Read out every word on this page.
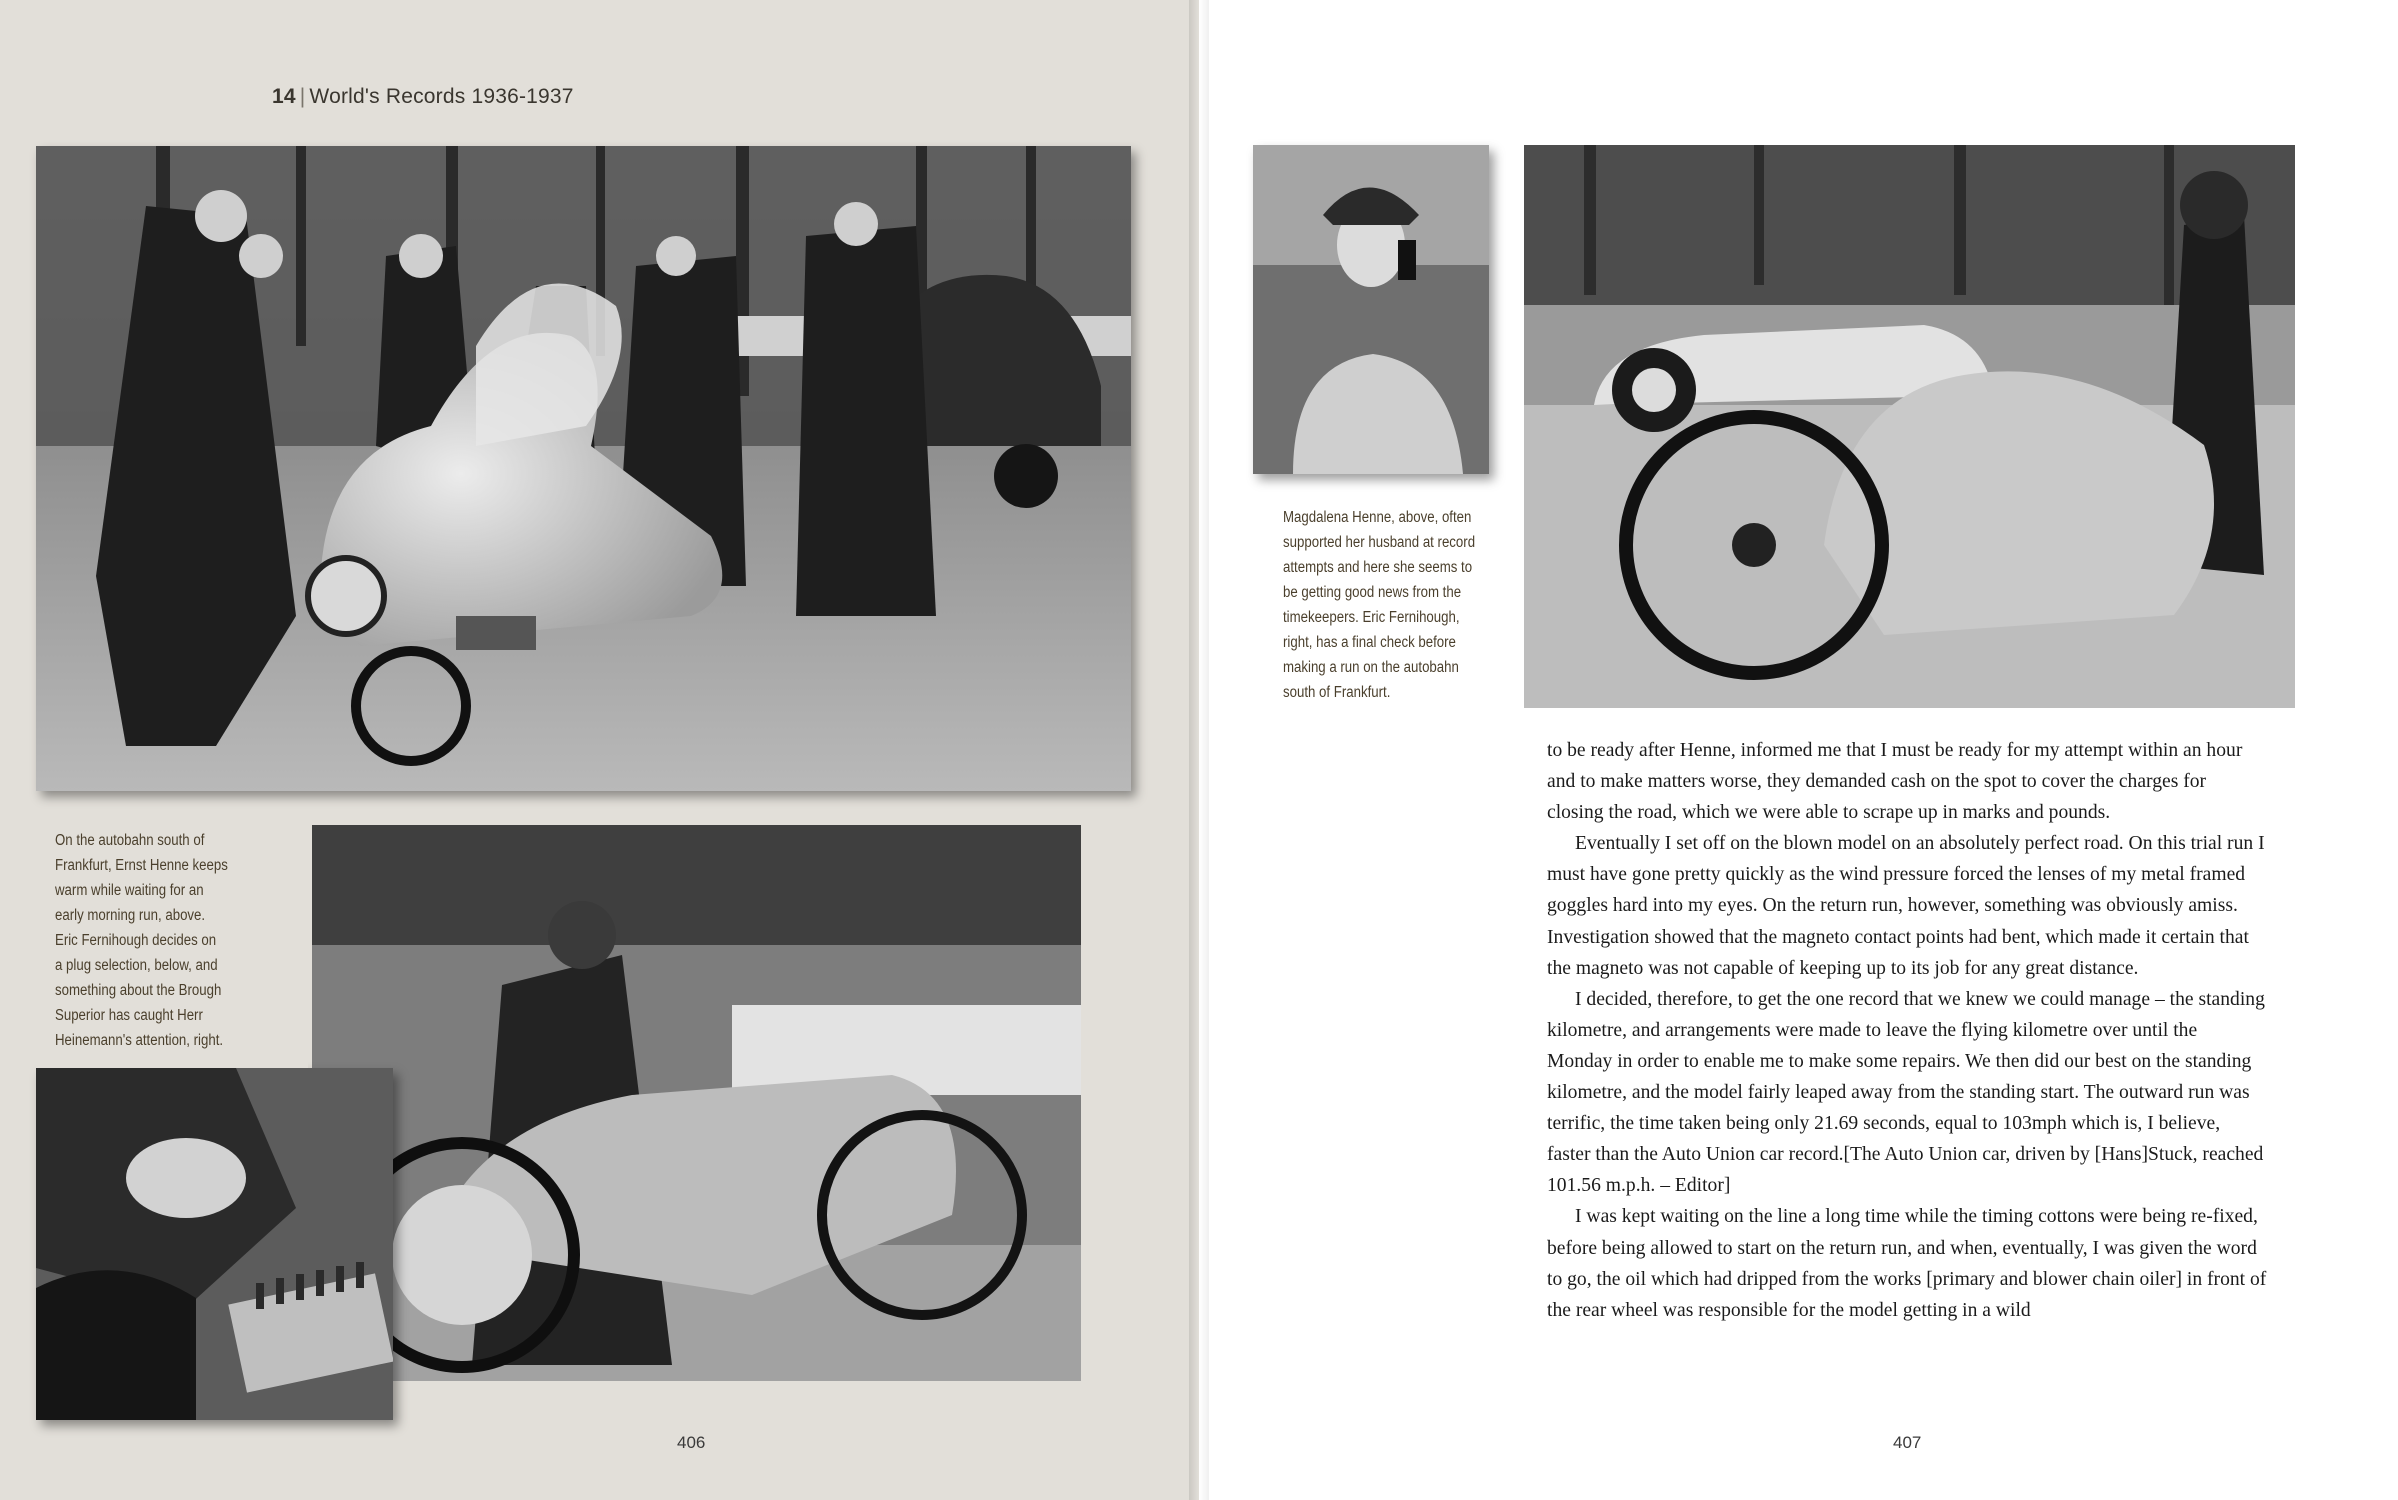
14 | World's Records 1936-1937
Magdalena Henne, above, often
supported her husband at record
attempts and here she seems to
be getting good news from the
timekeepers. Eric Fernihough,
right, has a final check before
making a run on the autobahn
south of Frankfurt.
On the autobahn south of
Frankfurt, Ernst Henne keeps
warm while waiting for an
early morning run, above.
Eric Fernihough decides on
a plug selection, below, and
something about the Brough
Superior has caught Herr
Heinemann's attention, right.

to be ready after Henne, informed me that I must be ready for my attempt within an hour and to make matters worse, they demanded cash on the spot to cover the charges for closing the road, which we were able to scrape up in marks and pounds.

Eventually I set off on the blown model on an absolutely perfect road. On this trial run I must have gone pretty quickly as the wind pressure forced the lenses of my metal framed goggles hard into my eyes. On the return run, however, something was obviously amiss. Investigation showed that the magneto contact points had bent, which made it certain that the magneto was not capable of keeping up to its job for any great distance.

I decided, therefore, to get the one record that we knew we could manage – the standing kilometre, and arrangements were made to leave the flying kilometre over until the Monday in order to enable me to make some repairs. We then did our best on the standing kilometre, and the model fairly leaped away from the standing start. The outward run was terrific, the time taken being only 21.69 seconds, equal to 103mph which is, I believe, faster than the Auto Union car record.[The Auto Union car, driven by [Hans]Stuck, reached 101.56 m.p.h. – Editor]

I was kept waiting on the line a long time while the timing cottons were being re-fixed, before being allowed to start on the return run, and when, eventually, I was given the word to go, the oil which had dripped from the works [primary and blower chain oiler] in front of the rear wheel was responsible for the model getting in a wild

406	407
